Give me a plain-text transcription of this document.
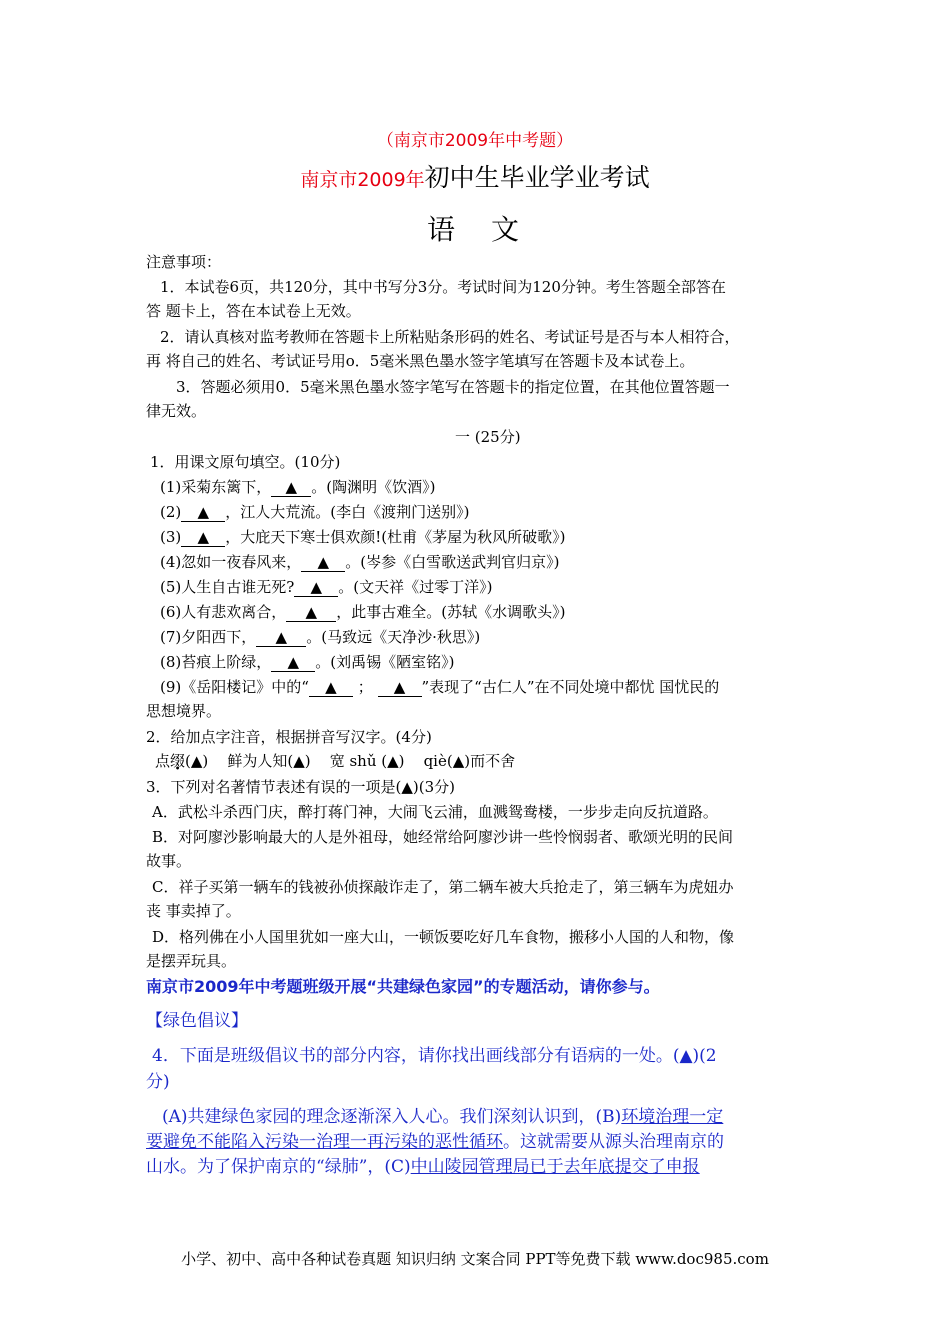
（南京市2009年中考题）
南京市2009年初中生毕业学业考试
语　文
注意事项：
1．本试卷6页，共120分，其中书写分3分。考试时间为120分钟。考生答题全部答在
答 题卡上，答在本试卷上无效。
2．请认真核对监考教师在答题卡上所粘贴条形码的姓名、考试证号是否与本人相符合，
再 将自己的姓名、考试证号用o．5毫米黑色墨水签字笔填写在答题卡及本试卷上。
3．答题必须用0．5毫米黑色墨水签字笔写在答题卡的指定位置，在其他位置答题一
律无效。
一 (25分)
1．用课文原句填空。(10分)
(1)采菊东篱下， ▲ 。(陶渊明《饮酒》)
(2) ▲ ，江人大荒流。(李白《渡荆门送别》)
(3) ▲ ，大庇天下寒士俱欢颜!(杜甫《茅屋为秋风所破歌》)
(4)忽如一夜春风来， ▲ 。(岑参《白雪歌送武判官归京》)
(5)人生自古谁无死? ▲ 。(文天祥《过零丁洋》)
(6)人有悲欢离合， ▲ ，此事古难全。(苏轼《水调歌头》)
(7)夕阳西下， ▲ 。(马致远《天净沙·秋思》)
(8)苔痕上阶绿， ▲ 。(刘禹锡《陋室铭》)
(9)《岳阳楼记》中的“ ▲ ； ▲ ”表现了“古仁人”在不同处境中都忧 国忧民的
思想境界。
2．给加点字注音，根据拼音写汉字。(4分)
点缀(▲) 鲜为人知(▲) 宽 shǔ (▲) qiè(▲)而不舍
3．下列对名著情节表述有误的一项是(▲)(3分)
A．武松斗杀西门庆，醉打蒋门神，大闹飞云浦，血溅鸳鸯楼，一步步走向反抗道路。
B．对阿廖沙影响最大的人是外祖母，她经常给阿廖沙讲一些怜悯弱者、歌颂光明的民间
故事。
C．祥子买第一辆车的钱被孙侦探敲诈走了，第二辆车被大兵抢走了，第三辆车为虎妞办
丧 事卖掉了。
D．格列佛在小人国里犹如一座大山，一顿饭要吃好几车食物，搬移小人国的人和物，像
是摆弄玩具。
南京市2009年中考题班级开展“共建绿色家园”的专题活动，请你参与。
【绿色倡议】
4．下面是班级倡议书的部分内容，请你找出画线部分有语病的一处。(▲)(2
分)
(A)共建绿色家园的理念逐渐深入人心。我们深刻认识到，(B)环境治理一定
要避免不能陷入污染一治理一再污染的恶性循环。这就需要从源头治理南京的
山水。为了保护南京的“绿肺”，(C)中山陵园管理局已于去年底提交了申报
小学、初中、高中各种试卷真题 知识归纳 文案合同 PPT等免费下载 www.doc985.com
